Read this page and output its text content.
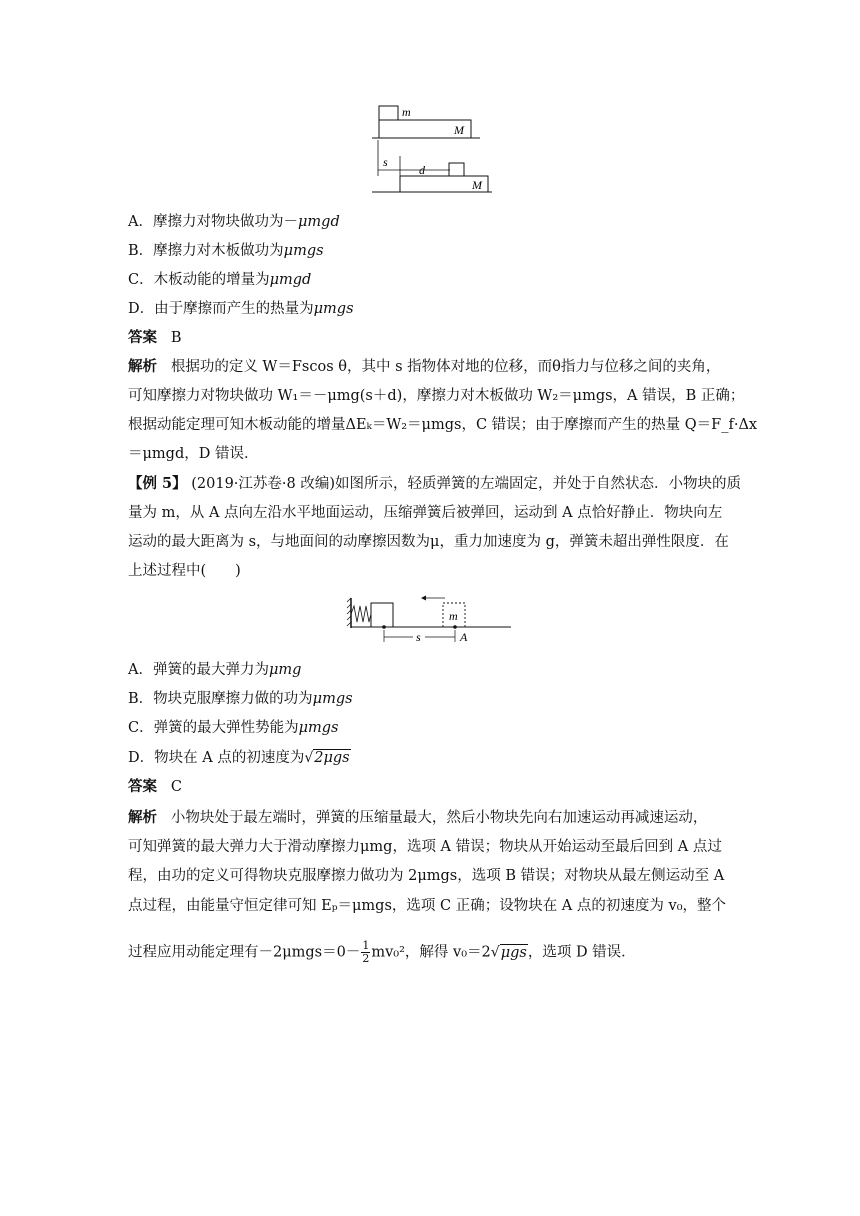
m
M
s
d
M
A．摩擦力对物块做功为－μmgd
B．摩擦力对木板做功为μmgs
C．木板动能的增量为μmgd
D．由于摩擦而产生的热量为μmgs
答案 B
解析 根据功的定义 W＝Fscos θ，其中 s 指物体对地的位移，而θ指力与位移之间的夹角，
可知摩擦力对物块做功 W₁＝－μmg(s＋d)，摩擦力对木板做功 W₂＝μmgs，A 错误，B 正确；
根据动能定理可知木板动能的增量ΔEₖ＝W₂＝μmgs，C 错误；由于摩擦而产生的热量 Q＝F_f·Δx
＝μmgd，D 错误．
【例 5】 (2019·江苏卷·8 改编)如图所示，轻质弹簧的左端固定，并处于自然状态．小物块的质
量为 m，从 A 点向左沿水平地面运动，压缩弹簧后被弹回，运动到 A 点恰好静止．物块向左
运动的最大距离为 s，与地面间的动摩擦因数为μ，重力加速度为 g，弹簧未超出弹性限度．在
上述过程中(　　)
m
s	A
A．弹簧的最大弹力为μmg
B．物块克服摩擦力做的功为μmgs
C．弹簧的最大弹性势能为μmgs
D．物块在 A 点的初速度为√2μgs
答案 C
解析 小物块处于最左端时，弹簧的压缩量最大，然后小物块先向右加速运动再减速运动，
可知弹簧的最大弹力大于滑动摩擦力μmg，选项 A 错误；物块从开始运动至最后回到 A 点过
程，由功的定义可得物块克服摩擦力做功为 2μmgs，选项 B 错误；对物块从最左侧运动至 A
点过程，由能量守恒定律可知 Eₚ＝μmgs，选项 C 正确；设物块在 A 点的初速度为 v₀，整个
过程应用动能定理有$-2\mu mgs=0- \frac{1}{2} mv_0^2$，解得 v₀＝2√μgs，选项 D 错误．
